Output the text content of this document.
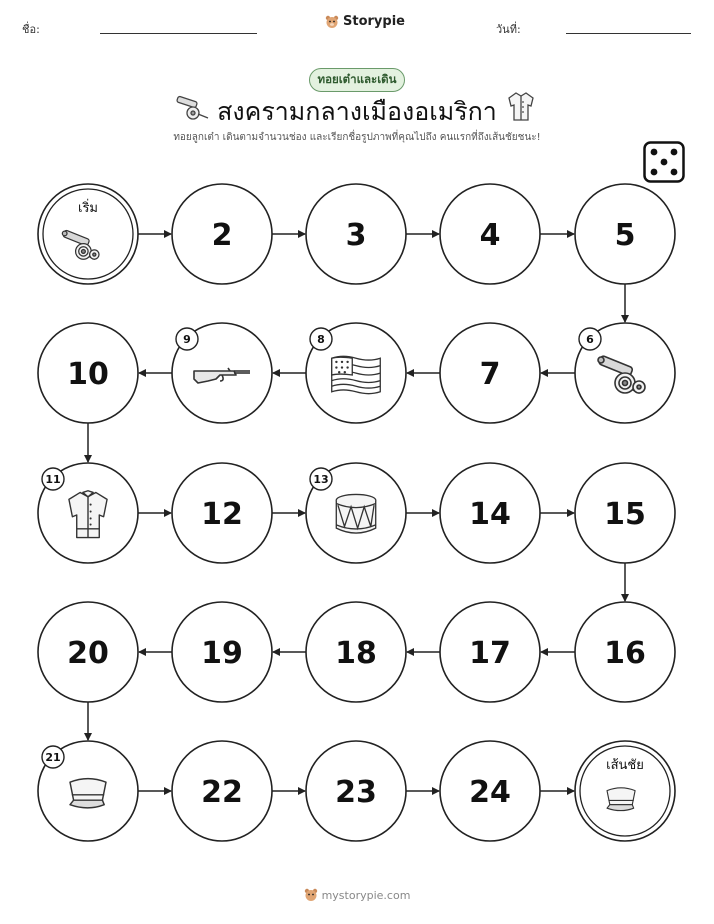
ชื่อ:
Storypie
วันที่:
ทอยเต๋าและเดิน
สงครามกลางเมืองอเมริกา
ทอยลูกเต๋า เดินตามจำนวนช่อง และเรียกชื่อรูปภาพที่คุณไปถึง คนแรกที่ถึงเส้นชัยชนะ!
เริ่ม
2	3	4	5
6
7
8
9
10
11
12
13
14	15
16
17
18
19
20
21
22	23	24
เส้นชัย
mystorypie.com
